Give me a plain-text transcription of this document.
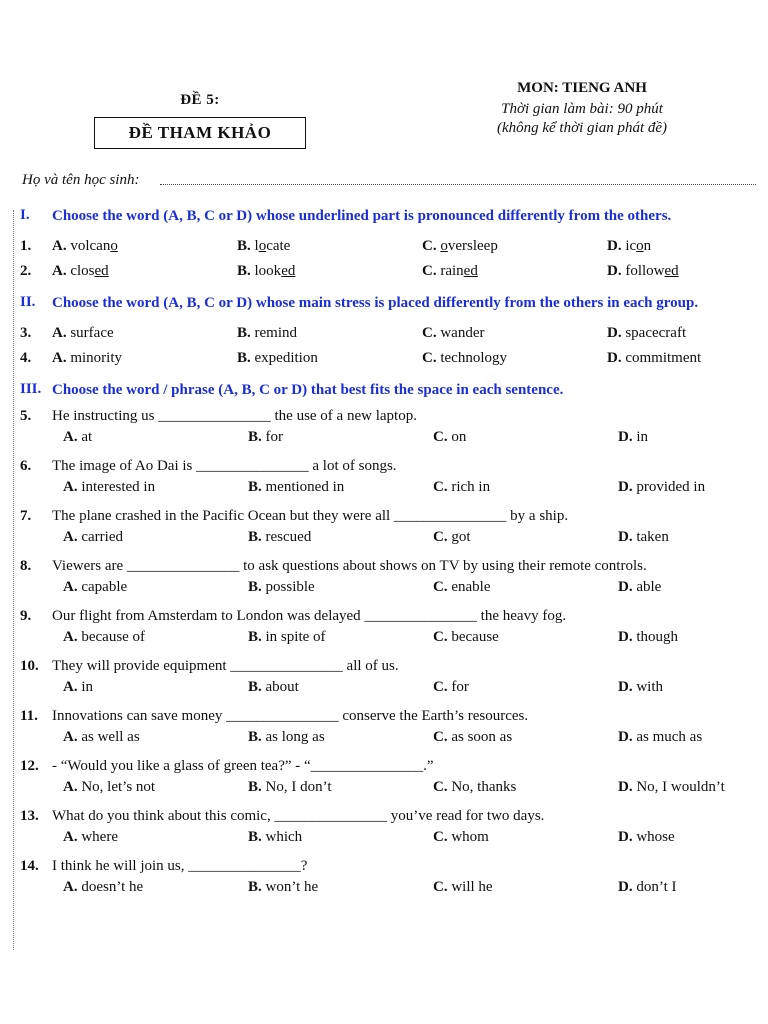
ĐỀ 5:
ĐỀ THAM KHẢO
MON: TIENG ANH
Thời gian làm bài: 90 phút
(không kể thời gian phát đề)
Họ và tên học sinh:
I.	Choose the word (A, B, C or D) whose underlined part is pronounced differently from the others.
1.	A. volcano	B. locate	C. oversleep	D. icon
2.	A. closed	B. looked	C. rained	D. followed
II.	Choose the word (A, B, C or D) whose main stress is placed differently from the others in each group.
3.	A. surface	B. remind	C. wander	D. spacecraft
4.	A. minority	B. expedition	C. technology	D. commitment
III. Choose the word / phrase (A, B, C or D) that best fits the space in each sentence.
5.	He instructing us _______________ the use of a new laptop.
A. at	B. for	C. on	D. in
6.	The image of Ao Dai is _______________ a lot of songs.
A. interested in	B. mentioned in	C. rich in	D. provided in
7.	The plane crashed in the Pacific Ocean but they were all _______________ by a ship.
A. carried	B. rescued	C. got	D. taken
8.	Viewers are _______________ to ask questions about shows on TV by using their remote controls.
A. capable	B. possible	C. enable	D. able
9.	Our flight from Amsterdam to London was delayed _______________ the heavy fog.
A. because of	B. in spite of	C. because	D. though
10. They will provide equipment _______________ all of us.
A. in	B. about	C. for	D. with
11. Innovations can save money _______________ conserve the Earth’s resources.
A. as well as	B. as long as	C. as soon as	D. as much as
12. - “Would you like a glass of green tea?” - “_______________.”
A. No, let’s not	B. No, I don’t	C. No, thanks	D. No, I wouldn’t
13. What do you think about this comic, _______________ you’ve read for two days.
A. where	B. which	C. whom	D. whose
14. I think he will join us, _______________?
A. doesn’t he	B. won’t he	C. will he	D. don’t I
